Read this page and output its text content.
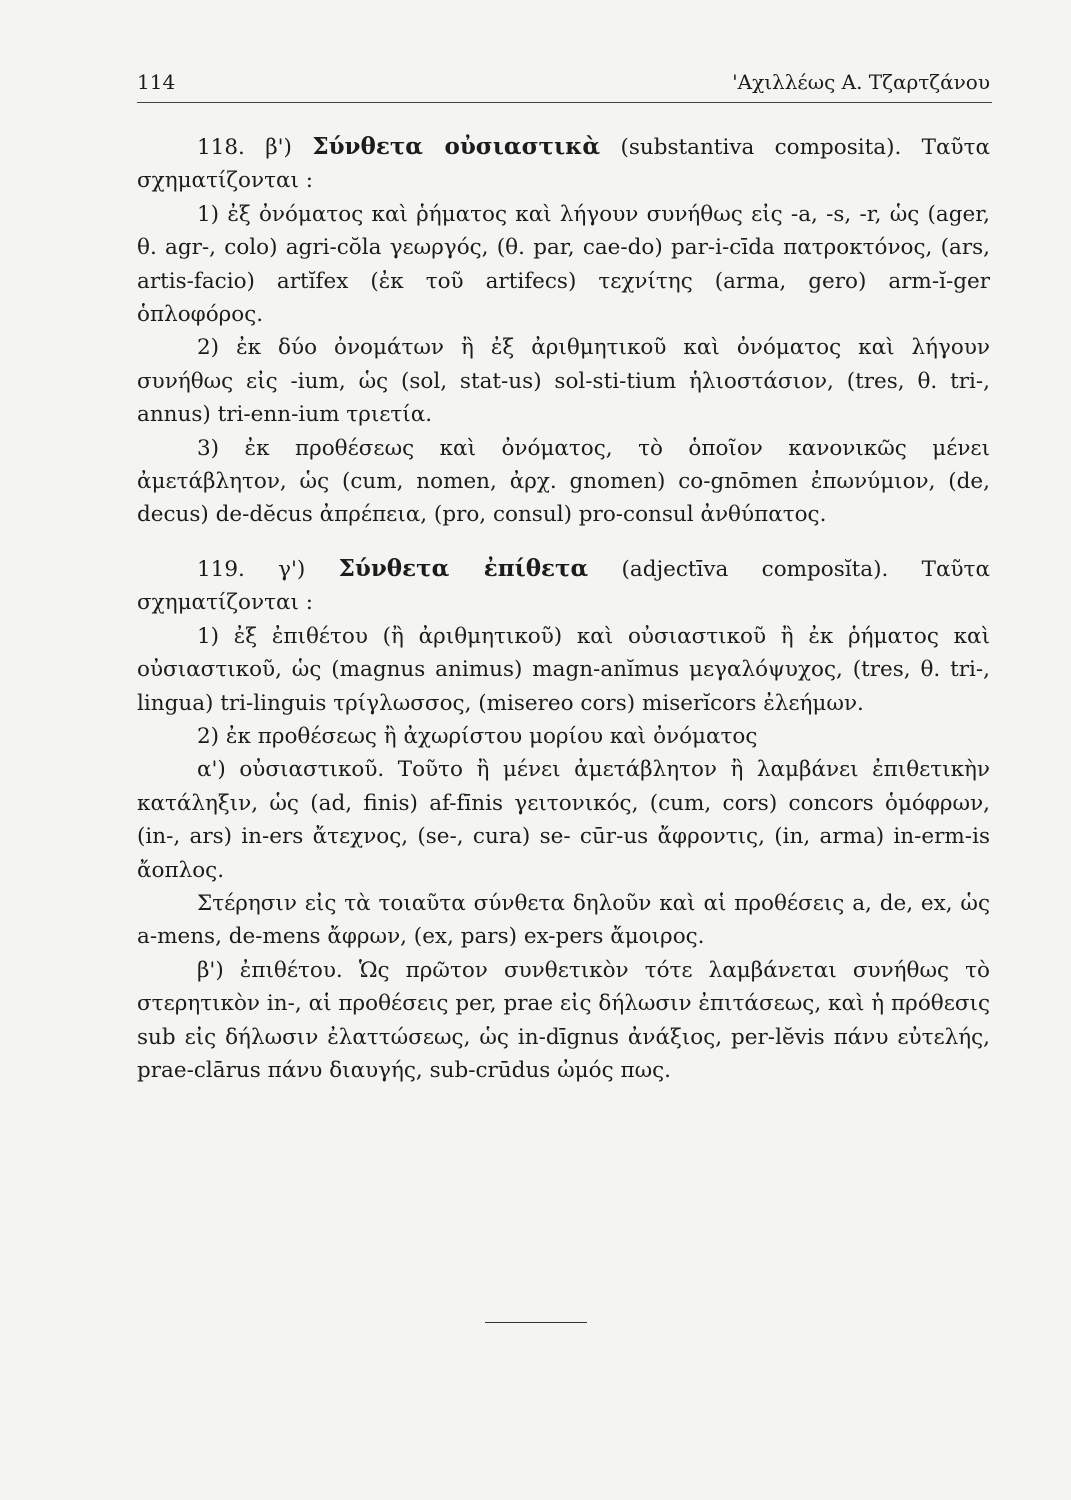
114	'Αχιλλέως Α. Τζαρτζάνου

118. β') Σύνθετα οὐσιαστικὰ (substantiva composita). Ταῦτα σχηματίζονται :

1) ἐξ ὀνόματος καὶ ῥήματος καὶ λήγουν συνήθως εἰς -a, -s, -r, ὡς (ager, θ. agr-, colo) agri-cŏla γεωργός, (θ. par, cae-do) par-i-cīda πατροκτόνος, (ars, artis-facio) artĭfex (ἐκ τοῦ artifecs) τεχνίτης (arma, gero) arm-ĭ-ger ὁπλοφόρος.

2) ἐκ δύο ὀνομάτων ἢ ἐξ ἀριθμητικοῦ καὶ ὀνόματος καὶ λήγουν συνήθως εἰς -ium, ὡς (sol, stat-us) sol-sti-tium ἡλιοστάσιον, (tres, θ. tri-, annus) tri-enn-ium τριετία.

3) ἐκ προθέσεως καὶ ὀνόματος, τὸ ὁποῖον κανονικῶς μένει ἀμετάβλητον, ὡς (cum, nomen, ἀρχ. gnomen) co-gnōmen ἐπωνύμιον, (de, decus) de-dĕcus ἀπρέπεια, (pro, consul) pro-consul ἀνθύπατος.

119. γ') Σύνθετα ἐπίθετα (adjectīva composĭta). Ταῦτα σχηματίζονται :

1) ἐξ ἐπιθέτου (ἢ ἀριθμητικοῦ) καὶ οὐσιαστικοῦ ἢ ἐκ ῥήματος καὶ οὐσιαστικοῦ, ὡς (magnus animus) magn-anĭmus μεγαλόψυχος, (tres, θ. tri-, lingua) tri-linguis τρίγλωσσος, (misereo cors) miserĭcors ἐλεήμων.

2) ἐκ προθέσεως ἢ ἀχωρίστου μορίου καὶ ὀνόματος

α') οὐσιαστικοῦ. Τοῦτο ἢ μένει ἀμετάβλητον ἢ λαμβάνει ἐπιθετικὴν κατάληξιν, ὡς (ad, finis) af-fīnis γειτονικός, (cum, cors) concors ὁμόφρων, (in-, ars) in-ers ἄτεχνος, (se-, cura) se- cūr-us ἄφροντις, (in, arma) in-erm-is ἄοπλος.

Στέρησιν εἰς τὰ τοιαῦτα σύνθετα δηλοῦν καὶ αἱ προθέσεις a, de, ex, ὡς a-mens, de-mens ἄφρων, (ex, pars) ex-pers ἄμοιρος.

β') ἐπιθέτου. Ὡς πρῶτον συνθετικὸν τότε λαμβάνεται συνήθως τὸ στερητικὸν in-, αἱ προθέσεις per, prae εἰς δήλωσιν ἐπιτάσεως, καὶ ἡ πρόθεσις sub εἰς δήλωσιν ἐλαττώσεως, ὡς in-dīgnus ἀνάξιος, per-lĕvis πάνυ εὐτελής, prae-clārus πάνυ διαυγής, sub-crūdus ὠμός πως.
